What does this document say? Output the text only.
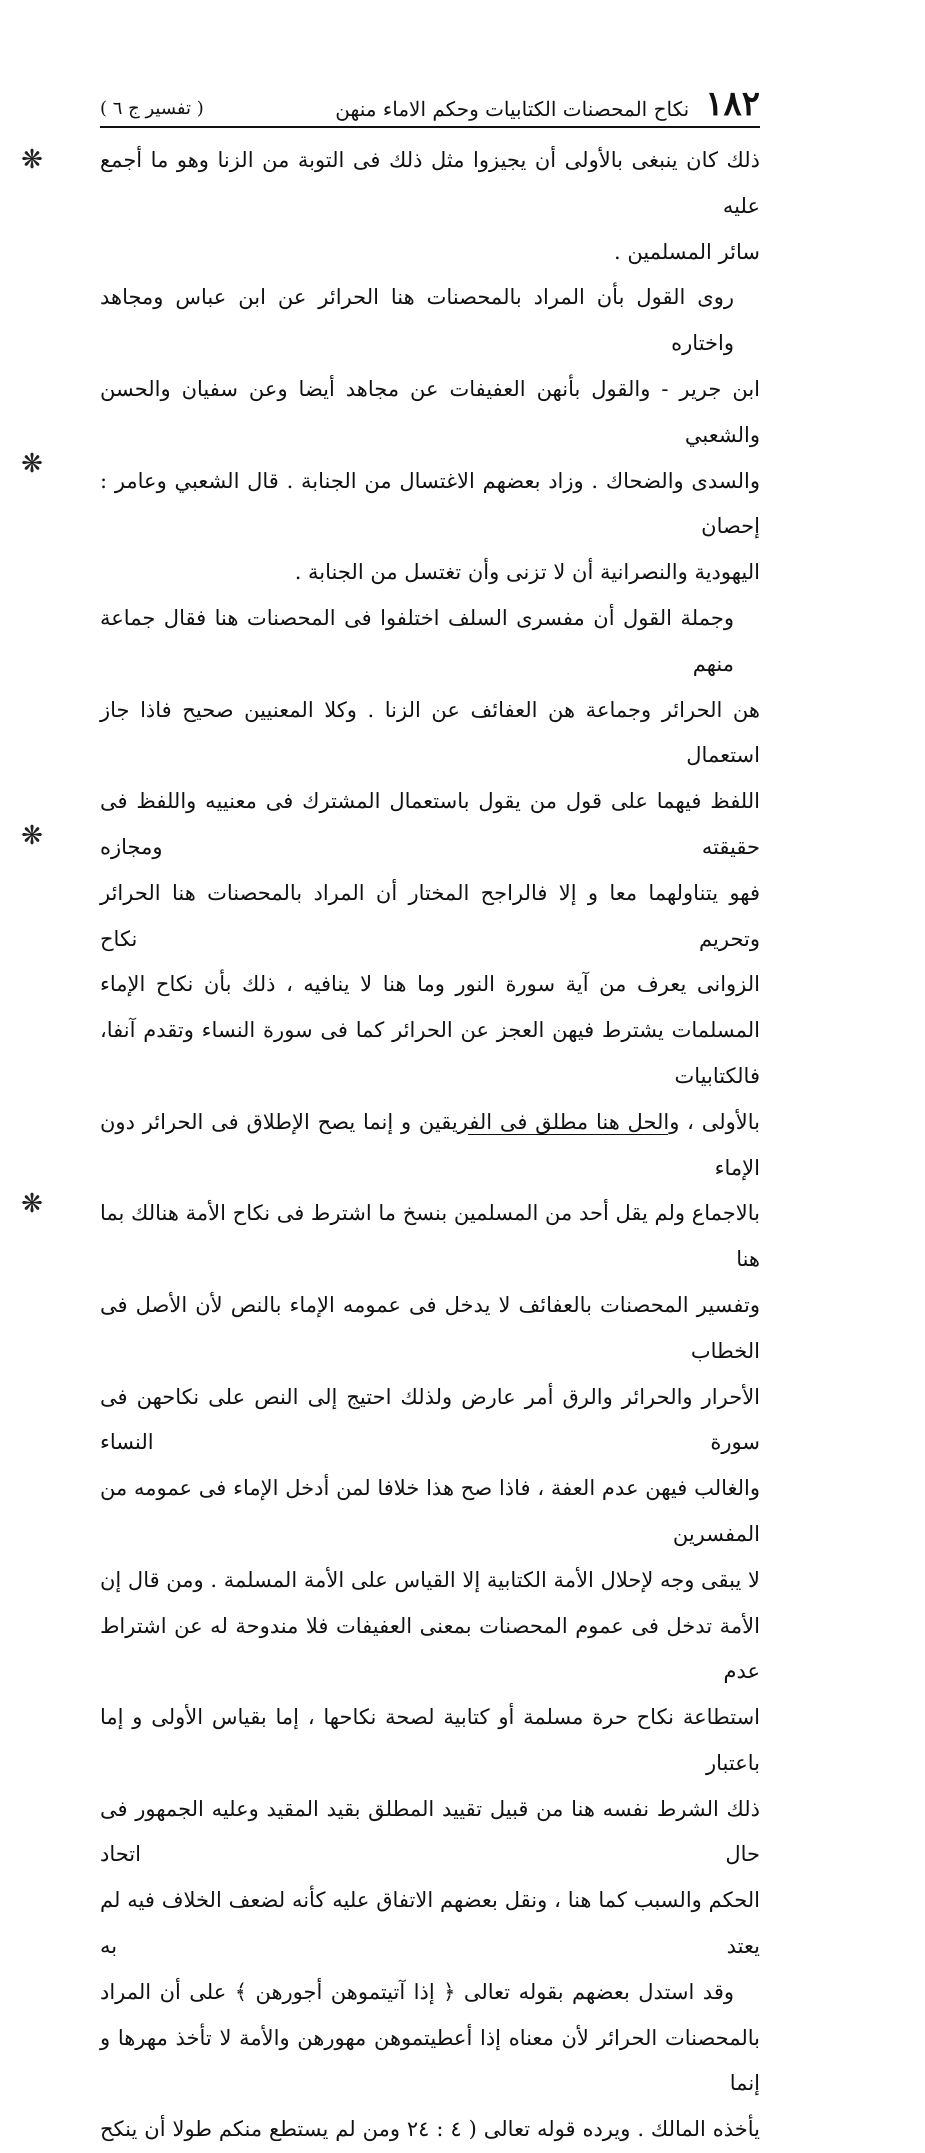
١٨٢
نكاح المحصنات الكتابيات وحكم الاماء منهن
( تفسير ج ٦ )
❋
❋
❋
❋
ذلك كان ينبغى بالأولى أن يجيزوا مثل ذلك فى التوبة من الزنا وهو ما أجمع عليه
سائر المسلمين .
روى القول بأن المراد بالمحصنات هنا الحرائر عن ابن عباس ومجاهد واختاره
ابن جرير - والقول بأنهن العفيفات عن مجاهد أيضا وعن سفيان والحسن والشعبي
والسدى والضحاك . وزاد بعضهم الاغتسال من الجنابة . قال الشعبي وعامر : إحصان
اليهودية والنصرانية أن لا تزنى وأن تغتسل من الجنابة .
وجملة القول أن مفسرى السلف اختلفوا فى المحصنات هنا فقال جماعة منهم
هن الحرائر وجماعة هن العفائف عن الزنا . وكلا المعنيين صحيح فاذا جاز استعمال
اللفظ فيهما على قول من يقول باستعمال المشترك فى معنييه واللفظ فى حقيقته ومجازه
فهو يتناولهما معا و إلا فالراجح المختار أن المراد بالمحصنات هنا الحرائر وتحريم نكاح
الزوانى يعرف من آية سورة النور وما هنا لا ينافيه ، ذلك بأن نكاح الإماء
المسلمات يشترط فيهن العجز عن الحرائر كما فى سورة النساء وتقدم آنفا، فالكتابيات
بالأولى ، والحل هنا مطلق فى الفريقين و إنما يصح الإطلاق فى الحرائر دون الإماء
بالاجماع ولم يقل أحد من المسلمين بنسخ ما اشترط فى نكاح الأمة هنالك بما هنا
وتفسير المحصنات بالعفائف لا يدخل فى عمومه الإماء بالنص لأن الأصل فى الخطاب
الأحرار والحرائر والرق أمر عارض ولذلك احتيج إلى النص على نكاحهن فى سورة النساء
والغالب فيهن عدم العفة ، فاذا صح هذا خلافا لمن أدخل الإماء فى عمومه من المفسرين
لا يبقى وجه لإحلال الأمة الكتابية إلا القياس على الأمة المسلمة . ومن قال إن
الأمة تدخل فى عموم المحصنات بمعنى العفيفات فلا مندوحة له عن اشتراط عدم
استطاعة نكاح حرة مسلمة أو كتابية لصحة نكاحها ، إما بقياس الأولى و إما باعتبار
ذلك الشرط نفسه هنا من قبيل تقييد المطلق بقيد المقيد وعليه الجمهور فى حال اتحاد
الحكم والسبب كما هنا ، ونقل بعضهم الاتفاق عليه كأنه لضعف الخلاف فيه لم يعتد به
وقد استدل بعضهم بقوله تعالى ﴿ إذا آتيتموهن أجورهن ﴾ على أن المراد
بالمحصنات الحرائر لأن معناه إذا أعطيتموهن مهورهن والأمة لا تأخذ مهرها و إنما
يأخذه المالك . ويرده قوله تعالى ( ٤ : ٢٤ ومن لم يستطع منكم طولا أن ينكح
